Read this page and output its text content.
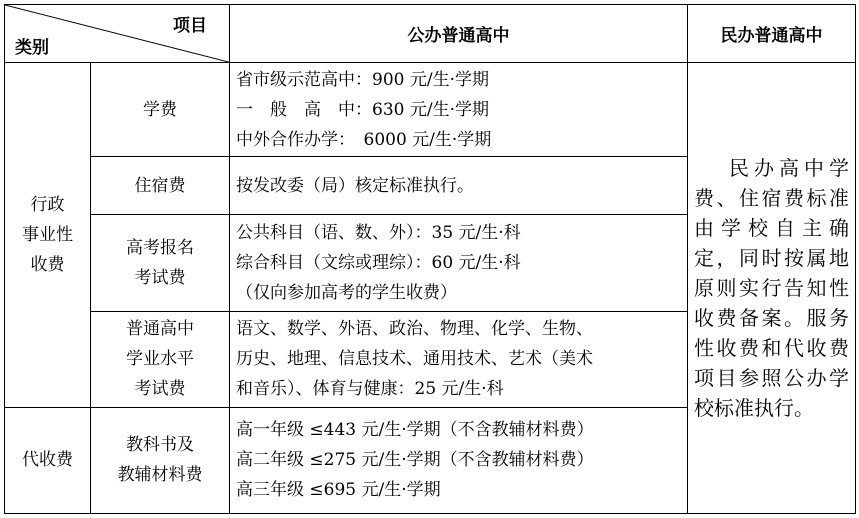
项目
类别		公办普通高中	民办普通高中

行政
事业性
收费	学费	省市级示范高中：900 元/生·学期
一　般　高　中：630 元/生·学期
中外合作办学：　6000 元/生·学期	民办高中学费、住宿费标准由学校自主确定，同时按属地原则实行告知性收费备案。服务性收费和代收费项目参照公办学校标准执行。
	住宿费	按发改委（局）核定标准执行。	

	高考报名
考试费	公共科目（语、数、外）：35 元/生·科
综合科目（文综或理综）：60 元/生·科
（仅向参加高考的学生收费）	

	普通高中
学业水平
考试费	语文、数学、外语、政治、物理、化学、生物、
历史、地理、信息技术、通用技术、艺术（美术
和音乐）、体育与健康：25 元/生·科	

代收费	教科书及
教辅材料费	高一年级 ≤443 元/生·学期（不含教辅材料费）
高二年级 ≤275 元/生·学期（不含教辅材料费）
高三年级 ≤695 元/生·学期	
